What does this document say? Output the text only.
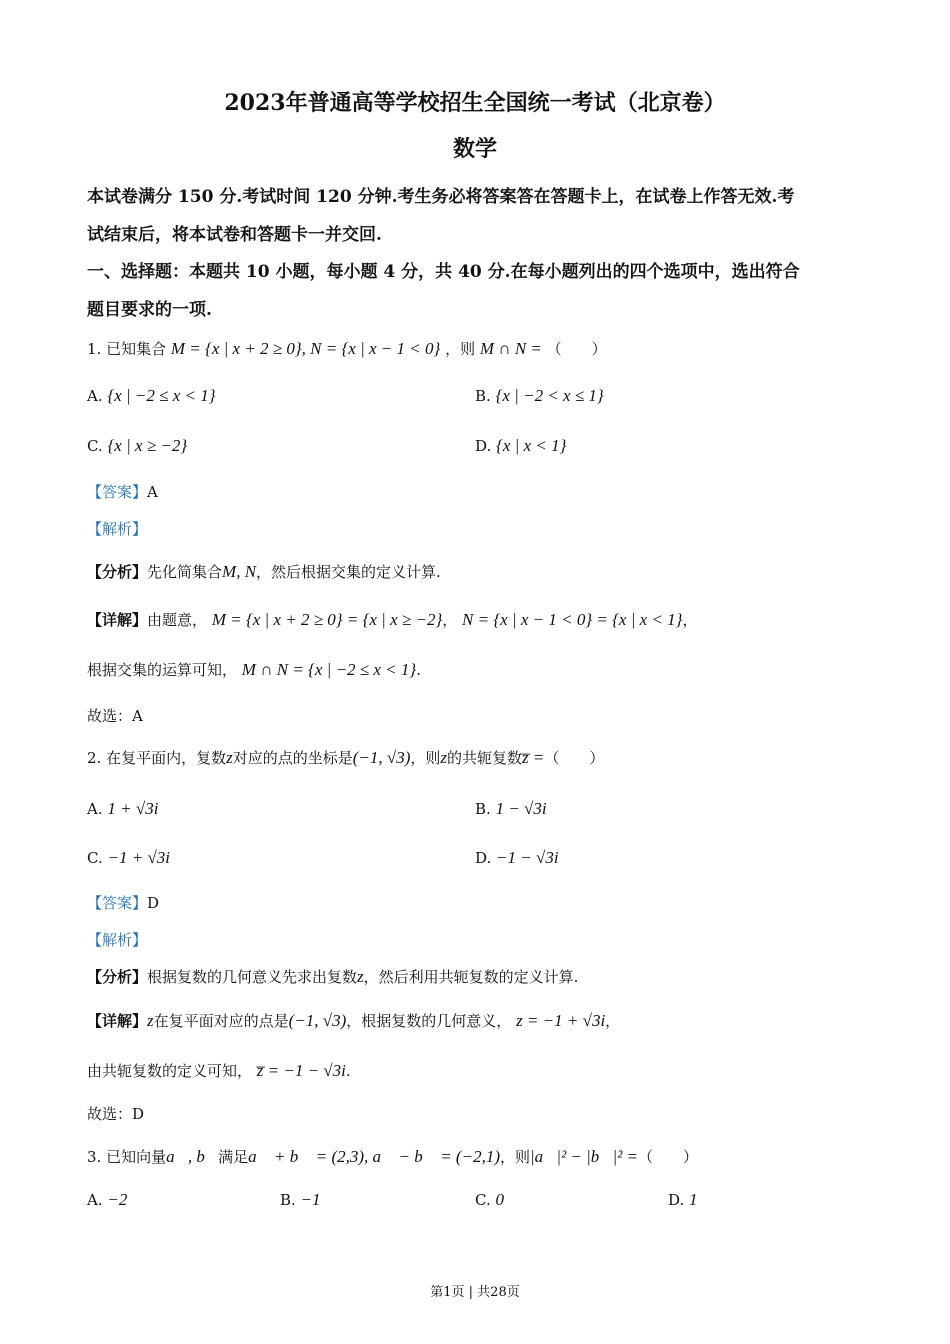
2023年普通高等学校招生全国统一考试（北京卷）
数学
本试卷满分 150 分.考试时间 120 分钟.考生务必将答案答在答题卡上，在试卷上作答无效.考
试结束后，将本试卷和答题卡一并交回.
一、选择题：本题共 10 小题，每小题 4 分，共 40 分.在每小题列出的四个选项中，选出符合
题目要求的一项.
1. 已知集合 M = {x | x + 2 ≥ 0}, N = {x | x − 1 < 0} ，则 M ∩ N = （　　）
A. {x | −2 ≤ x < 1}	B. {x | −2 < x ≤ 1}
C. {x | x ≥ −2}	D. {x | x < 1}
【答案】A
【解析】
【分析】先化简集合M, N，然后根据交集的定义计算.
【详解】由题意， M = {x | x + 2 ≥ 0} = {x | x ≥ −2}， N = {x | x − 1 < 0} = {x | x < 1}，
根据交集的运算可知， M ∩ N = {x | −2 ≤ x < 1}.
故选：A
2. 在复平面内，复数z对应的点的坐标是(−1, √3)，则z的共轭复数z̅ =（　　）
A. 1 + √3i	B. 1 − √3i
C. −1 + √3i	D. −1 − √3i
【答案】D
【解析】
【分析】根据复数的几何意义先求出复数z，然后利用共轭复数的定义计算.
【详解】z在复平面对应的点是(−1, √3)，根据复数的几何意义， z = −1 + √3i，
由共轭复数的定义可知， z̅ = −1 − √3i.
故选：D
3. 已知向量a⃗, b⃗满足a⃗ + b⃗ = (2,3), a⃗ − b⃗ = (−2,1)，则|a⃗|² − |b⃗|² =（　　）
A. −2	B. −1	C. 0	D. 1
第1页 | 共28页
